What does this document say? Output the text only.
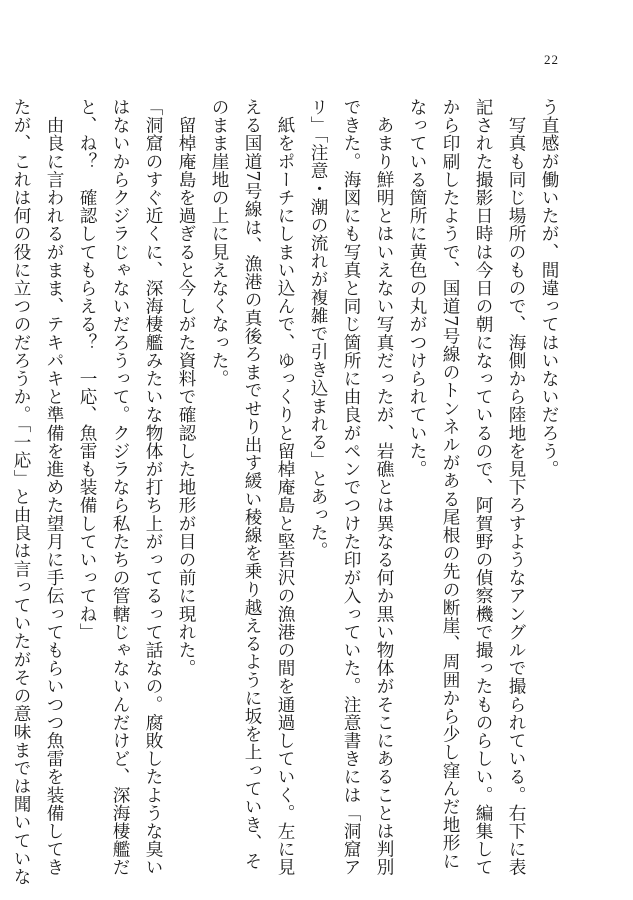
22
う直感が働いたが、間違ってはいないだろう。
　写真も同じ場所のもので、海側から陸地を見下ろすようなアングルで撮られている。右下に表
記された撮影日時は今日の朝になっているので、阿賀野の偵察機で撮ったものらしい。編集して
から印刷したようで、国道7号線のトンネルがある尾根の先の断崖、周囲から少し窪んだ地形に
なっている箇所に黄色の丸がつけられていた。
　あまり鮮明とはいえない写真だったが、岩礁とは異なる何か黒い物体がそこにあることは判別
できた。海図にも写真と同じ箇所に由良がペンでつけた印が入っていた。注意書きには「洞窟ア
リ」「注意・潮の流れが複雑で引き込まれる」とあった。
　紙をポーチにしまい込んで、ゆっくりと留棹庵島と堅苔沢の漁港の間を通過していく。左に見
える国道7号線は、漁港の真後ろまでせり出す緩い稜線を乗り越えるように坂を上っていき、そ
のまま崖地の上に見えなくなった。
　留棹庵島を過ぎると今しがた資料で確認した地形が目の前に現れた。
「洞窟のすぐ近くに、深海棲艦みたいな物体が打ち上がってるって話なの。腐敗したような臭い
はないからクジラじゃないだろうって。クジラなら私たちの管轄じゃないんだけど、深海棲艦だ
と、ね？　確認してもらえる？　一応、魚雷も装備していってね」
　由良に言われるがまま、テキパキと準備を進めた望月に手伝ってもらいつつ魚雷を装備してき
たが、これは何の役に立つのだろうか。「一応」と由良は言っていたがその意味までは聞いていな
